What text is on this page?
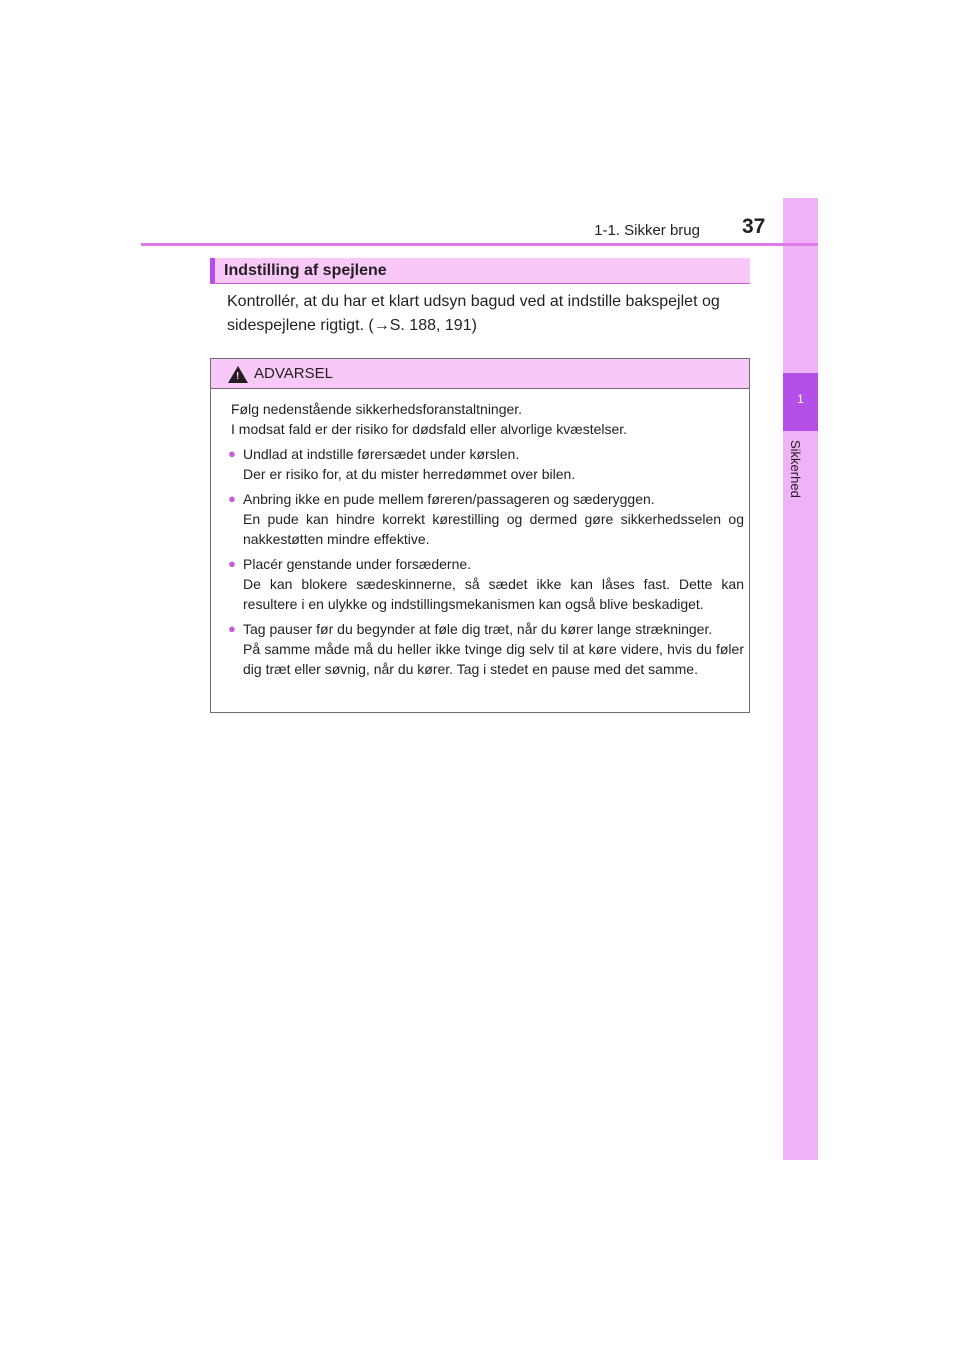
1
Sikkerhed
1-1. Sikker brug 37
Indstilling af spejlene
Kontrollér, at du har et klart udsyn bagud ved at indstille bakspejlet og sidespejlene rigtigt. (→S. 188, 191)
! ADVARSEL

Følg nedenstående sikkerhedsforanstaltninger.
I modsat fald er der risiko for dødsfald eller alvorlige kvæstelser.

● Undlad at indstille førersædet under kørslen.
Der er risiko for, at du mister herredømmet over bilen.
● Anbring ikke en pude mellem føreren/passageren og sæderyggen.
En pude kan hindre korrekt kørestilling og dermed gøre sikkerhedsselen og nakkestøtten mindre effektive.
● Placér genstande under forsæderne.
De kan blokere sædeskinnerne, så sædet ikke kan låses fast. Dette kan resultere i en ulykke og indstillingsmekanismen kan også blive beskadiget.
● Tag pauser før du begynder at føle dig træt, når du kører lange strækninger.
På samme måde må du heller ikke tvinge dig selv til at køre videre, hvis du føler dig træt eller søvnig, når du kører. Tag i stedet en pause med det samme.
